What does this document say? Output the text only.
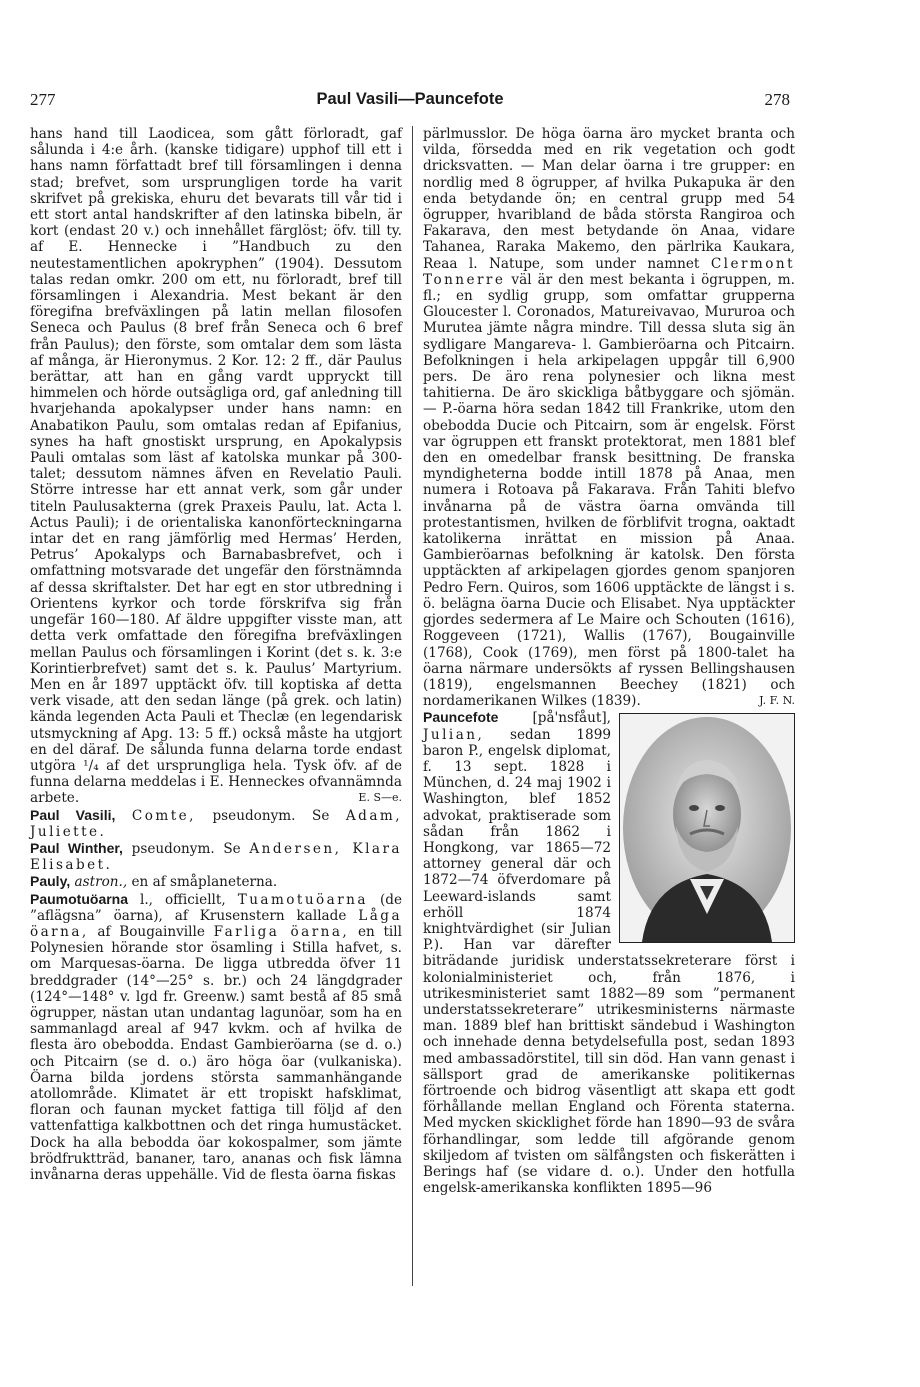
277	Paul Vasili—Pauncefote	278

hans hand till Laodicea, som gått förloradt, gaf sålunda i 4:e årh. (kanske tidigare) upphof till ett i hans namn författadt bref till församlingen i denna stad; brefvet, som ursprungligen torde ha varit skrifvet på grekiska, ehuru det bevarats till vår tid i ett stort antal handskrifter af den latinska bibeln, är kort (endast 20 v.) och innehållet färglöst; öfv. till ty. af E. Hennecke i ”Handbuch zu den neutestamentlichen apokryphen” (1904). Dessutom talas redan omkr. 200 om ett, nu förloradt, bref till församlingen i Alexandria. Mest bekant är den föregifna brefväxlingen på latin mellan filosofen Seneca och Paulus (8 bref från Seneca och 6 bref från Paulus); den förste, som omtalar dem som lästa af många, är Hieronymus. 2 Kor. 12: 2 ff., där Paulus berättar, att han en gång vardt uppryckt till himmelen och hörde outsägliga ord, gaf anledning till hvarjehanda apokalypser under hans namn: en Anabatikon Paulu, som omtalas redan af Epifanius, synes ha haft gnostiskt ursprung, en Apokalypsis Pauli omtalas som läst af katolska munkar på 300-talet; dessutom nämnes äfven en Revelatio Pauli. Större intresse har ett annat verk, som går under titeln Paulusakterna (grek Praxeis Paulu, lat. Acta l. Actus Pauli); i de orientaliska kanonförteckningarna intar det en rang jämförlig med Hermas’ Herden, Petrus’ Apokalyps och Barnabasbrefvet, och i omfattning motsvarade det ungefär den förstnämnda af dessa skriftalster. Det har egt en stor utbredning i Orientens kyrkor och torde förskrifva sig från ungefär 160—180. Af äldre uppgifter visste man, att detta verk omfattade den föregifna brefväxlingen mellan Paulus och församlingen i Korint (det s. k. 3:e Korintierbrefvet) samt det s. k. Paulus’ Martyrium. Men en år 1897 upptäckt öfv. till koptiska af detta verk visade, att den sedan länge (på grek. och latin) kända legenden Acta Pauli et Theclæ (en legendarisk utsmyckning af Apg. 13: 5 ff.) också måste ha utgjort en del däraf. De sålunda funna delarna torde endast utgöra ¹/₄ af det ursprungliga hela. Tysk öfv. af de funna delarna meddelas i E. Henneckes ofvannämnda arbete.	E. S—e.

Paul Vasili, Comte, pseudonym. Se Adam, Juliette.

Paul Winther, pseudonym. Se Andersen, Klara Elisabet.

Pauly, astron., en af småplaneterna.

Paumotuöarna l., officiellt, Tuamotuöarna (de ”aflägsna” öarna), af Krusenstern kallade Låga öarna, af Bougainville Farliga öarna, en till Polynesien hörande stor ösamling i Stilla hafvet, s. om Marquesas-öarna. De ligga utbredda öfver 11 breddgrader (14°—25° s. br.) och 24 längdgrader (124°—148° v. lgd fr. Greenw.) samt bestå af 85 små ögrupper, nästan utan undantag lagunöar, som ha en sammanlagd areal af 947 kvkm. och af hvilka de flesta äro obebodda. Endast Gambieröarna (se d. o.) och Pitcairn (se d. o.) äro höga öar (vulkaniska). Öarna bilda jordens största sammanhängande atollområde. Klimatet är ett tropiskt hafsklimat, floran och faunan mycket fattiga till följd af den vattenfattiga kalkbottnen och det ringa humustäcket. Dock ha alla bebodda öar kokospalmer, som jämte brödfruktträd, bananer, taro, ananas och fisk lämna invånarna deras uppehälle. Vid de flesta öarna fiskas

pärlmusslor. De höga öarna äro mycket branta och vilda, försedda med en rik vegetation och godt dricksvatten. — Man delar öarna i tre grupper: en nordlig med 8 ögrupper, af hvilka Pukapuka är den enda betydande ön; en central grupp med 54 ögrupper, hvaribland de båda största Rangiroa och Fakarava, den mest betydande ön Anaa, vidare Tahanea, Raraka Makemo, den pärlrika Kaukara, Reaa l. Natupe, som under namnet Clermont Tonnerre väl är den mest bekanta i ögruppen, m. fl.; en sydlig grupp, som omfattar grupperna Gloucester l. Coronados, Matureivavao, Mururoa och Murutea jämte några mindre. Till dessa sluta sig än sydligare Mangareva- l. Gambieröarna och Pitcairn. Befolkningen i hela arkipelagen uppgår till 6,900 pers. De äro rena polynesier och likna mest tahitierna. De äro skickliga båtbyggare och sjömän. — P.-öarna höra sedan 1842 till Frankrike, utom den obebodda Ducie och Pitcairn, som är engelsk. Först var ögruppen ett franskt protektorat, men 1881 blef den en omedelbar fransk besittning. De franska myndigheterna bodde intill 1878 på Anaa, men numera i Rotoava på Fakarava. Från Tahiti blefvo invånarna på de västra öarna omvända till protestantismen, hvilken de förblifvit trogna, oaktadt katolikerna inrättat en mission på Anaa. Gambieröarnas befolkning är katolsk. Den första upptäckten af arkipelagen gjordes genom spanjoren Pedro Fern. Quiros, som 1606 upptäckte de längst i s. ö. belägna öarna Ducie och Elisabet. Nya upptäckter gjordes sedermera af Le Maire och Schouten (1616), Roggeveen (1721), Wallis (1767), Bougainville (1768), Cook (1769), men först på 1800-talet ha öarna närmare undersökts af ryssen Bellingshausen (1819), engelsmannen Beechey (1821) och nordamerikanen Wilkes (1839).	J. F. N.

Pauncefote [på'nsfåut], Julian, sedan 1899 baron P., engelsk diplomat, f. 13 sept. 1828 i München, d. 24 maj 1902 i Washington, blef 1852 advokat, praktiserade som sådan från 1862 i Hongkong, var 1865—72 attorney general där och 1872—74 öfverdomare på Leeward-islands samt erhöll 1874 knightvärdighet (sir Julian P.). Han var därefter biträdande juridisk understatssekreterare först i kolonialministeriet och, från 1876, i utrikesministeriet samt 1882—89 som ”permanent understatssekreterare” utrikesministerns närmaste man. 1889 blef han brittiskt sändebud i Washington och innehade denna betydelsefulla post, sedan 1893 med ambassadörstitel, till sin död. Han vann genast i sällsport grad de amerikanske politikernas förtroende och bidrog väsentligt att skapa ett godt förhållande mellan England och Förenta staterna. Med mycken skicklighet förde han 1890—93 de svåra förhandlingar, som ledde till afgörande genom skiljedom af tvisten om sälfångsten och fiskerätten i Berings haf (se vidare d. o.). Under den hotfulla engelsk-amerikanska konflikten 1895—96
